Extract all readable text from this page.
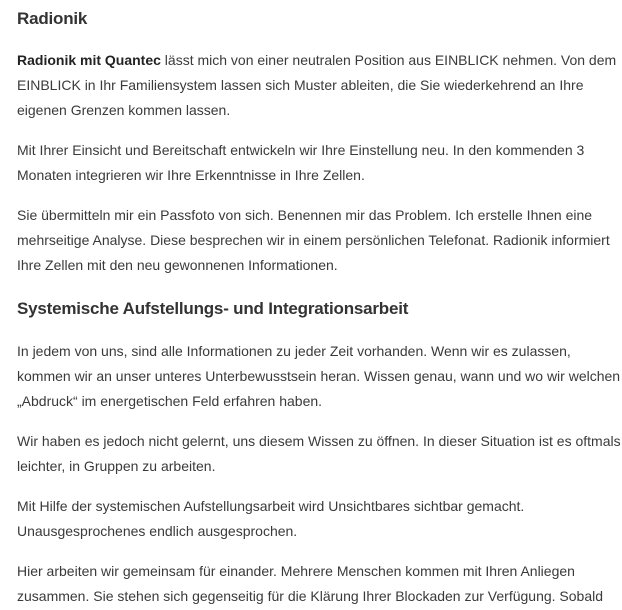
Radionik

Radionik mit Quantec lässt mich von einer neutralen Position aus EINBLICK nehmen. Von dem EINBLICK in Ihr Familiensystem lassen sich Muster ableiten, die Sie wiederkehrend an Ihre eigenen Grenzen kommen lassen.

Mit Ihrer Einsicht und Bereitschaft entwickeln wir Ihre Einstellung neu. In den kommenden 3 Monaten integrieren wir Ihre Erkenntnisse in Ihre Zellen.

Sie übermitteln mir ein Passfoto von sich. Benennen mir das Problem. Ich erstelle Ihnen eine mehrseitige Analyse. Diese besprechen wir in einem persönlichen Telefonat. Radionik informiert Ihre Zellen mit den neu gewonnenen Informationen.

Systemische Aufstellungs- und Integrationsarbeit

In jedem von uns, sind alle Informationen zu jeder Zeit vorhanden. Wenn wir es zulassen, kommen wir an unser unteres Unterbewusstsein heran. Wissen genau, wann und wo wir welchen „Abdruck“ im energetischen Feld erfahren haben.

Wir haben es jedoch nicht gelernt, uns diesem Wissen zu öffnen. In dieser Situation ist es oftmals leichter, in Gruppen zu arbeiten.

Mit Hilfe der systemischen Aufstellungsarbeit wird Unsichtbares sichtbar gemacht. Unausgesprochenes endlich ausgesprochen.

Hier arbeiten wir gemeinsam für einander. Mehrere Menschen kommen mit Ihren Anliegen zusammen. Sie stehen sich gegenseitig für die Klärung Ihrer Blockaden zur Verfügung. Sobald
